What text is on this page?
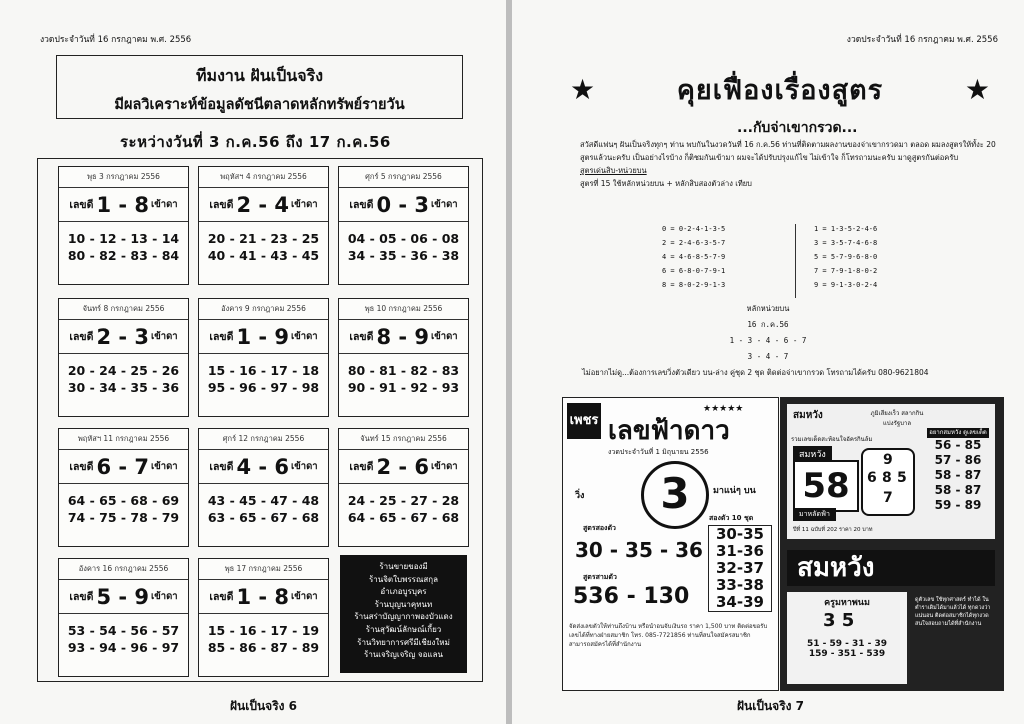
งวดประจำวันที่ 16 กรกฎาคม พ.ศ. 2556
ทีมงาน ฝันเป็นจริง
มีผลวิเคราะห์ข้อมูลดัชนีตลาดหลักทรัพย์รายวัน
ระหว่างวันที่ 3 ก.ค.56 ถึง 17 ก.ค.56
พุธ 3 กรกฎาคม 2556
เลขดี 1 - 8 เข้าดา
10 - 12 - 13 - 14
80 - 82 - 83 - 84
พฤหัสฯ 4 กรกฎาคม 2556
เลขดี 2 - 4 เข้าดา
20 - 21 - 23 - 25
40 - 41 - 43 - 45
ศุกร์ 5 กรกฎาคม 2556
เลขดี 0 - 3 เข้าดา
04 - 05 - 06 - 08
34 - 35 - 36 - 38
จันทร์ 8 กรกฎาคม 2556
เลขดี 2 - 3 เข้าดา
20 - 24 - 25 - 26
30 - 34 - 35 - 36
อังคาร 9 กรกฎาคม 2556
เลขดี 1 - 9 เข้าดา
15 - 16 - 17 - 18
95 - 96 - 97 - 98
พุธ 10 กรกฎาคม 2556
เลขดี 8 - 9 เข้าดา
80 - 81 - 82 - 83
90 - 91 - 92 - 93
พฤหัสฯ 11 กรกฎาคม 2556
เลขดี 6 - 7 เข้าดา
64 - 65 - 68 - 69
74 - 75 - 78 - 79
ศุกร์ 12 กรกฎาคม 2556
เลขดี 4 - 6 เข้าดา
43 - 45 - 47 - 48
63 - 65 - 67 - 68
จันทร์ 15 กรกฎาคม 2556
เลขดี 2 - 6 เข้าดา
24 - 25 - 27 - 28
64 - 65 - 67 - 68
อังคาร 16 กรกฎาคม 2556
เลขดี 5 - 9 เข้าดา
53 - 54 - 56 - 57
93 - 94 - 96 - 97
พุธ 17 กรกฎาคม 2556
เลขดี 1 - 8 เข้าดา
15 - 16 - 17 - 19
85 - 86 - 87 - 89
ร้านขายของมี
ร้านจิตใบพรรณสกุล
อำเภอบูรบุคร
ร้านบุญนาคุทนท
ร้านสร่าบัญญากาพองบัวแดง
ร้านสุวัฒน์ลักษณ์เกี้ยว
ร้านวิทยาการศรีมีเชียงใหม่
ร้านเจริญเจริญ จอแลน
ฝันเป็นจริง 6
งวดประจำวันที่ 16 กรกฎาคม พ.ศ. 2556
★	คุยเฟื่องเรื่องสูตร	★
...กับจ่าเขากรวด...
สวัสดีแฟนๆ ฝันเป็นจริงทุกๆ ท่าน พบกันในงวดวันที่ 16 ก.ค.56 ท่านที่ติดตามผลงานของจ่าเขากรวดมา ตลอด ผมลงสูตรให้ทั้งะ 20 สูตรแล้วนะครับ เป็นอย่างไรบ้าง ก็ติชมกันเข้ามา ผมจะได้ปรับปรุงแก้ไข ไม่เข้าใจ ก็โทรถามนะครับ มาดูสูตรกันต่อครับ
สูตรเด่นสิบ-หน่วยบน
สูตรที่ 15 ใช้หลักหน่วยบน + หลักสิบสองตัวล่าง เทียบ
0 = 0-2-4-1-3-5
2 = 2-4-6-3-5-7
4 = 4-6-8-5-7-9
6 = 6-8-0-7-9-1
8 = 8-0-2-9-1-3
1 = 1-3-5-2-4-6
3 = 3-5-7-4-6-8
5 = 5-7-9-6-8-0
7 = 7-9-1-8-0-2
9 = 9-1-3-0-2-4
หลักหน่วยบน
16 ก.ค.56
1 - 3 - 4 - 6 - 7
3 - 4 - 7
ไม่อยากไม่ดู...ต้องการเลขวิ่งตัวเดียว บน-ล่าง คู่ชุด 2 ชุด ติดต่อจ่าเขากรวด โทรถามได้ครับ 080-9621804
เพชร เลขฟ้าดาว
★★★★★
งวดประจำวันที่ 1 มิถุนายน 2556
วิ่ง	3	มาแน่ๆ บน
สองตัว 10 ชุด
30-35
31-36
32-37
33-38
34-39
สูตรสองตัว
30 - 35 - 36
สูตรสามตัว
536 - 130
จัดส่งเลขตัวให้ท่านถึงบ้าน หรือนำอนจับเงินรถ ราคา 1,500 บาท ติดต่อขอรับเลขได้ที่ทางฝ่ายสมาชิก โทร. 085-7721856 ท่านที่สนใจสมัครสมาชิก สามารถสมัครได้ที่สำนักงาน
สมหวัง	ภูมิเสียงเร็ว สลากกินแบ่งรัฐบาล
รวมเลขเด็ดสะท้อนใจอัครกินล้ม
สมหวัง
58
มาหลัดฟ้า
9
6 8 5
7
อยากสมหวัง ดูเลขเด็ด
56 - 85
57 - 86
58 - 87
58 - 87
59 - 89
ปีที่ 11 ฉบับที่ 202 ราคา 20 บาท
สมหวัง
ครูมหาพนม
3 5
51 - 59 - 31 - 39
159 - 351 - 539
ดูตัวเลข ใช้ทุกศาสตร์ ทำได้ ในตำราเดิมได้มาแล้วได้ ทุกดวงว่าแน่นอน ติดต่อสมาชิกได้ทุกงวด สนใจสอบถามได้ที่สำนักงาน
ฝันเป็นจริง 7
